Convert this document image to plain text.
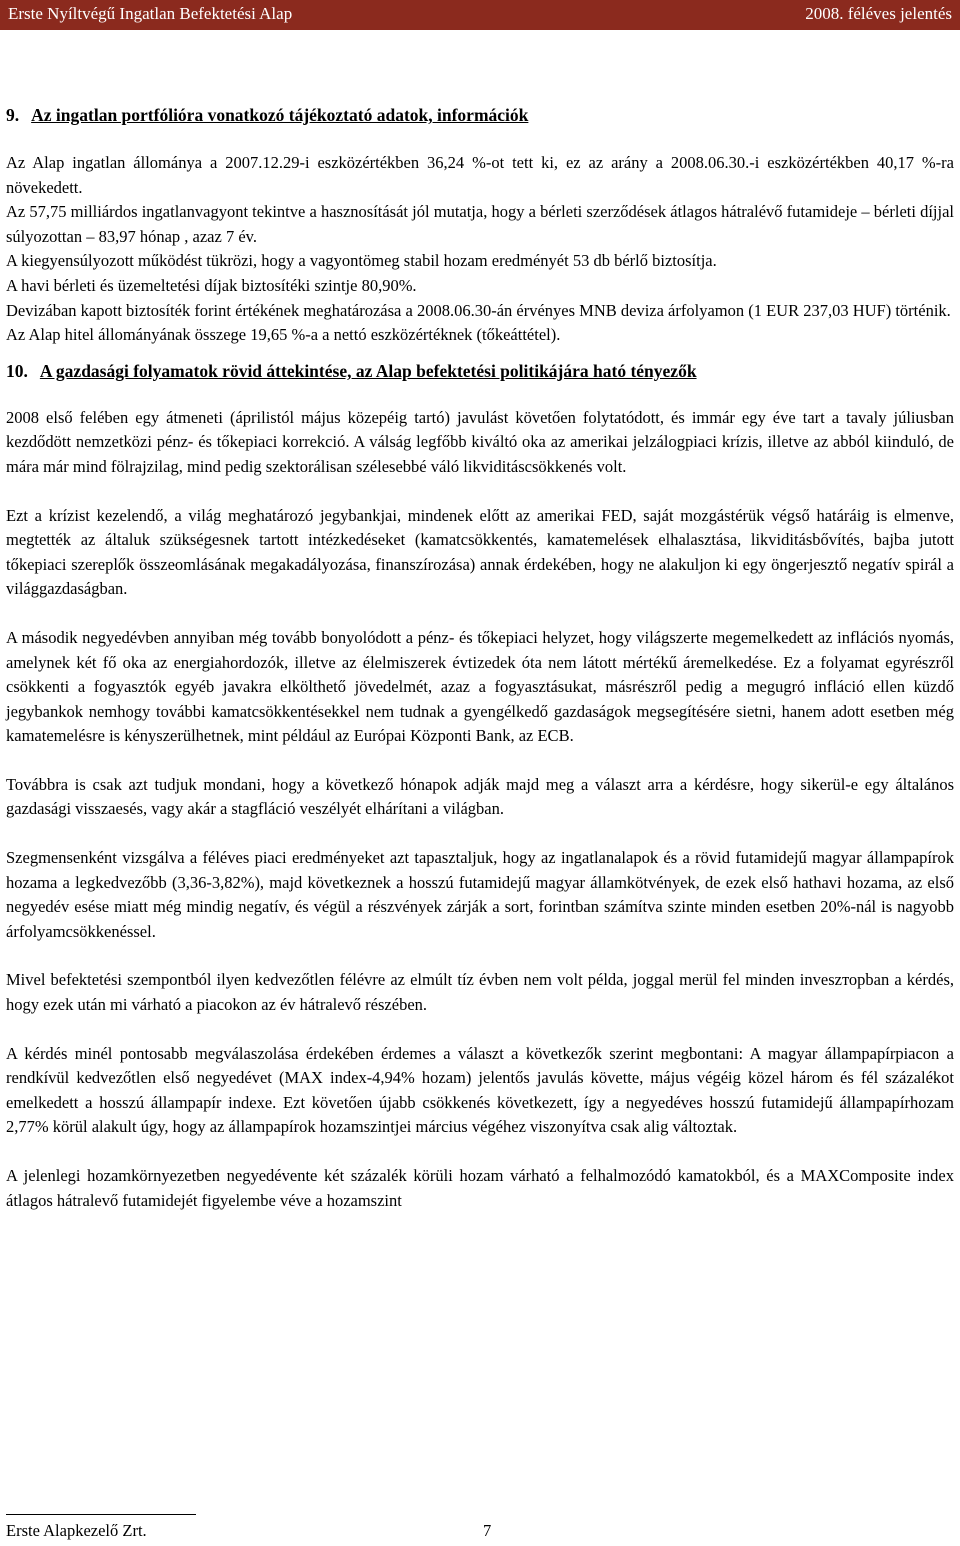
Erste Nyíltvégű Ingatlan Befektetési Alap	2008. féléves jelentés
9. Az ingatlan portfólióra vonatkozó tájékoztató adatok, információk

Az Alap ingatlan állománya a 2007.12.29-i eszközértékben 36,24 %-ot tett ki, ez az arány a 2008.06.30.-i eszközértékben 40,17 %-ra növekedett.

Az 57,75 milliárdos ingatlanvagyont tekintve a hasznosítását jól mutatja, hogy a bérleti szerződések átlagos hátralévő futamideje – bérleti díjjal súlyozottan – 83,97 hónap , azaz 7 év.

A kiegyensúlyozott működést tükrözi, hogy a vagyontömeg stabil hozam eredményét 53 db bérlő biztosítja.

A havi bérleti és üzemeltetési díjak biztosítéki szintje 80,90%.

Devizában kapott biztosíték forint értékének meghatározása a 2008.06.30-án érvényes MNB deviza árfolyamon (1 EUR 237,03 HUF) történik.

Az Alap hitel állományának összege 19,65 %-a a nettó eszközértéknek (tőkeáttétel).

10. A gazdasági folyamatok rövid áttekintése, az Alap befektetési politikájára ható tényezők

2008 első felében egy átmeneti (áprilistól május közepéig tartó) javulást követően folytatódott, és immár egy éve tart a tavaly júliusban kezdődött nemzetközi pénz- és tőkepiaci korrekció. A válság legfőbb kiváltó oka az amerikai jelzálogpiaci krízis, illetve az abból kiinduló, de mára már mind fölrajzilag, mind pedig szektorálisan szélesebbé váló likviditáscsökkenés volt.

Ezt a krízist kezelendő, a világ meghatározó jegybankjai, mindenek előtt az amerikai FED, saját mozgástérük végső határáig is elmenve, megtették az általuk szükségesnek tartott intézkedéseket (kamatcsökkentés, kamatemelések elhalasztása, likviditásbővítés, bajba jutott tőkepiaci szereplők összeomlásának megakadályozása, finanszírozása) annak érdekében, hogy ne alakuljon ki egy öngerjesztő negatív spirál a világgazdaságban.

A második negyedévben annyiban még tovább bonyolódott a pénz- és tőkepiaci helyzet, hogy világszerte megemelkedett az inflációs nyomás, amelynek két fő oka az energiahordozók, illetve az élelmiszerek évtizedek óta nem látott mértékű áremelkedése. Ez a folyamat egyrészről csökkenti a fogyasztók egyéb javakra elkölthető jövedelmét, azaz a fogyasztásukat, másrészről pedig a megugró infláció ellen küzdő jegybankok nemhogy további kamatcsökkentésekkel nem tudnak a gyengélkedő gazdaságok megsegítésére sietni, hanem adott esetben még kamatemelésre is kényszerülhetnek, mint például az Európai Központi Bank, az ECB.

Továbbra is csak azt tudjuk mondani, hogy a következő hónapok adják majd meg a választ arra a kérdésre, hogy sikerül-e egy általános gazdasági visszaesés, vagy akár a stagfláció veszélyét elhárítani a világban.

Szegmensenként vizsgálva a féléves piaci eredményeket azt tapasztaljuk, hogy az ingatlanalapok és a rövid futamidejű magyar állampapírok hozama a legkedvezőbb (3,36-3,82%), majd következnek a hosszú futamidejű magyar államkötvények, de ezek első hathavi hozama, az első negyedév esése miatt még mindig negatív, és végül a részvények zárják a sort, forintban számítva szinte minden esetben 20%-nál is nagyobb árfolyamcsökkenéssel.

Mivel befektetési szempontból ilyen kedvezőtlen félévre az elmúlt tíz évben nem volt példa, joggal merül fel minden inveszторban a kérdés, hogy ezek után mi várható a piacokon az év hátralevő részében.

A kérdés minél pontosabb megválaszolása érdekében érdemes a választ a következők szerint megbontani: A magyar állampapírpiacon a rendkívül kedvezőtlen első negyedévet (MAX index-4,94% hozam) jelentős javulás követte, május végéig közel három és fél százalékot emelkedett a hosszú állampapír indexe. Ezt követően újabb csökkenés következett, így a negyedéves hosszú futamidejű állampapírhozam 2,77% körül alakult úgy, hogy az állampapírok hozamszintjei március végéhez viszonyítva csak alig változtak.

A jelenlegi hozamkörnyezetben negyedévente két százalék körüli hozam várható a felhalmozódó kamatokból, és a MAXComposite index átlagos hátralevő futamidejét figyelembe véve a hozamszint

Erste Alapkezelő Zrt.	7
